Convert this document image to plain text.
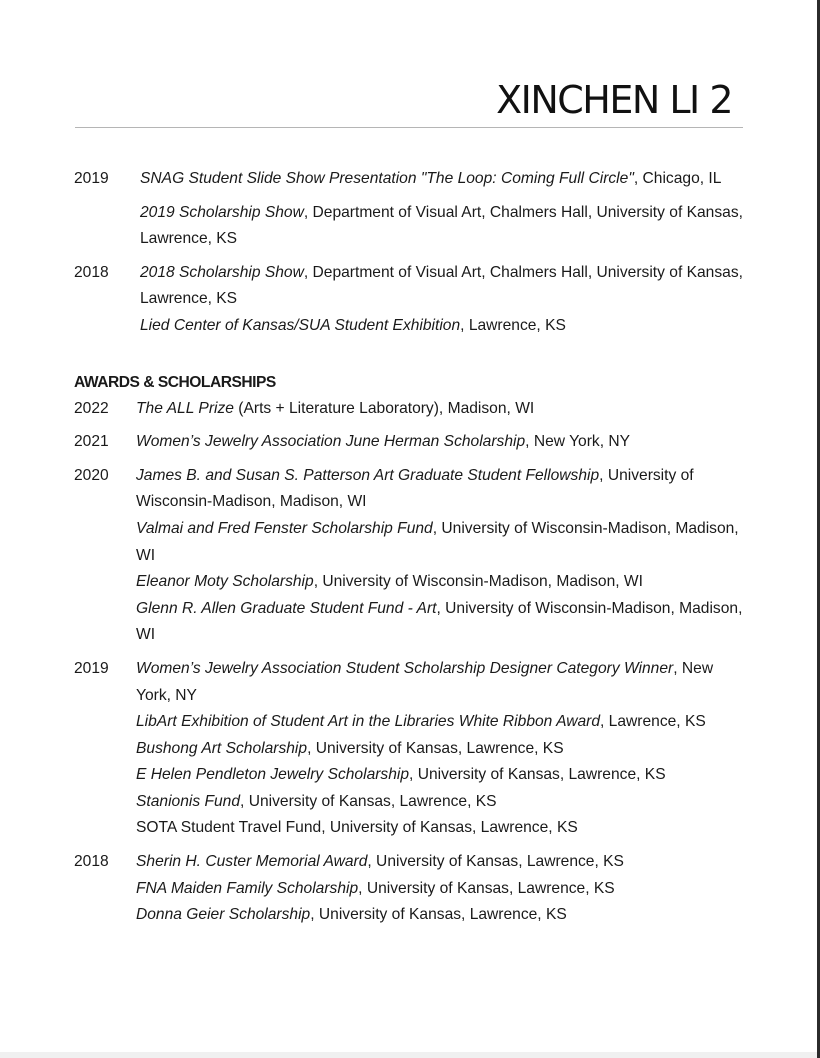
XINCHEN LI 2
2019	SNAG Student Slide Show Presentation "The Loop: Coming Full Circle", Chicago, IL
2019 Scholarship Show, Department of Visual Art, Chalmers Hall, University of Kansas, Lawrence, KS
2018	2018 Scholarship Show, Department of Visual Art, Chalmers Hall, University of Kansas, Lawrence, KS
Lied Center of Kansas/SUA Student Exhibition, Lawrence, KS
AWARDS & SCHOLARSHIPS
2022	The ALL Prize (Arts + Literature Laboratory), Madison, WI
2021	Women’s Jewelry Association June Herman Scholarship, New York, NY
2020	James B. and Susan S. Patterson Art Graduate Student Fellowship, University of Wisconsin-Madison, Madison, WI
Valmai and Fred Fenster Scholarship Fund, University of Wisconsin-Madison, Madison, WI
Eleanor Moty Scholarship, University of Wisconsin-Madison, Madison, WI
Glenn R. Allen Graduate Student Fund - Art, University of Wisconsin-Madison, Madison, WI
2019	Women’s Jewelry Association Student Scholarship Designer Category Winner, New York, NY
LibArt Exhibition of Student Art in the Libraries White Ribbon Award, Lawrence, KS
Bushong Art Scholarship, University of Kansas, Lawrence, KS
E Helen Pendleton Jewelry Scholarship, University of Kansas, Lawrence, KS
Stanionis Fund, University of Kansas, Lawrence, KS
SOTA Student Travel Fund, University of Kansas, Lawrence, KS
2018	Sherin H. Custer Memorial Award, University of Kansas, Lawrence, KS
FNA Maiden Family Scholarship, University of Kansas, Lawrence, KS
Donna Geier Scholarship, University of Kansas, Lawrence, KS
